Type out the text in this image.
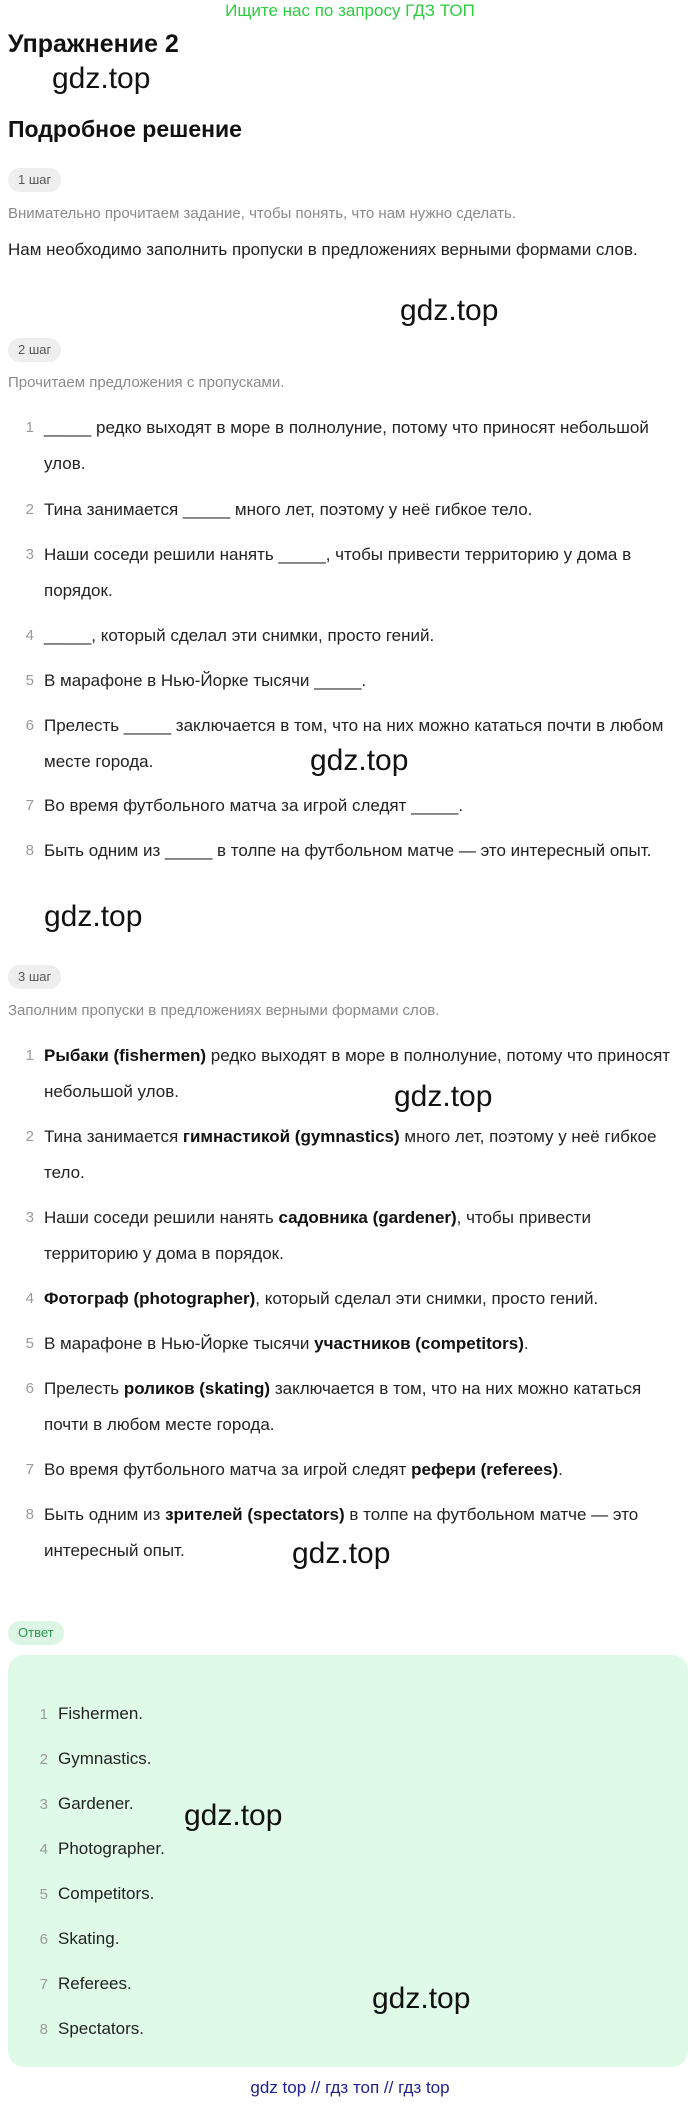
Ищите нас по запросу ГДЗ ТОП
Упражнение 2
gdz.top
Подробное решение
1 шаг
Внимательно прочитаем задание, чтобы понять, что нам нужно сделать.
Нам необходимо заполнить пропуски в предложениях верными формами слов.
gdz.top
2 шаг
Прочитаем предложения с пропусками.
1 _____ редко выходят в море в полнолуние, потому что приносят небольшой улов.
2 Тина занимается _____ много лет, поэтому у неё гибкое тело.
3 Наши соседи решили нанять _____, чтобы привести территорию у дома в порядок.
4 _____, который сделал эти снимки, просто гений.
5 В марафоне в Нью-Йорке тысячи _____.
6 Прелесть _____ заключается в том, что на них можно кататься почти в любом месте города.	gdz.top
7 Во время футбольного матча за игрой следят _____.
8 Быть одним из _____ в толпе на футбольном матче — это интересный опыт.
gdz.top
3 шаг
Заполним пропуски в предложениях верными формами слов.
1 Рыбаки (fishermen) редко выходят в море в полнолуние, потому что приносят небольшой улов.	gdz.top
2 Тина занимается гимнастикой (gymnastics) много лет, поэтому у неё гибкое тело.
3 Наши соседи решили нанять садовника (gardener), чтобы привести территорию у дома в порядок.
4 Фотограф (photographer), который сделал эти снимки, просто гений.
5 В марафоне в Нью-Йорке тысячи участников (competitors).
6 Прелесть роликов (skating) заключается в том, что на них можно кататься почти в любом месте города.
7 Во время футбольного матча за игрой следят рефери (referees).
8 Быть одним из зрителей (spectators) в толпе на футбольном матче — это интересный опыт.	gdz.top
Ответ
1 Fishermen.
2 Gymnastics.
3 Gardener.
4 Photographer.
5 Competitors.
6 Skating.
7 Referees.
8 Spectators.
gdz.top
gdz.top
gdz top // гдз топ // гдз top
